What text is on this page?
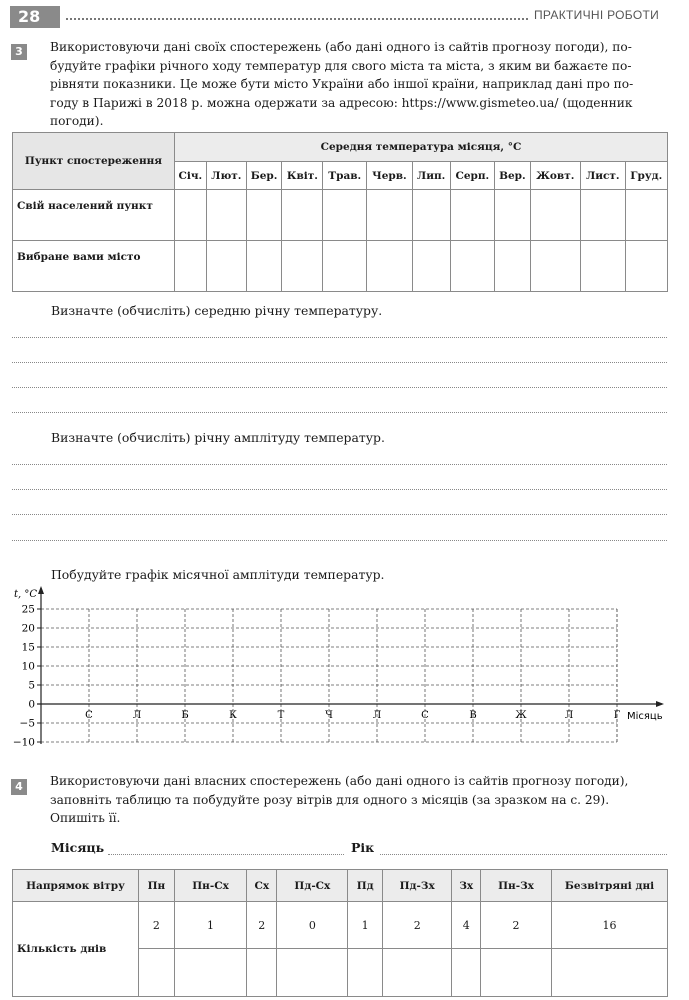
28	ПРАКТИЧНІ РОБОТИ
3	Використовуючи дані своїх спостережень (або дані одного із сайтів прогнозу погоди), по-
будуйте графіки річного ходу температур для свого міста та міста, з яким ви бажаєте по-
рівняти показники. Це може бути місто України або іншої країни, наприклад дані про по-
году в Парижі в 2018 р. можна одержати за адресою: https://www.gismeteo.ua/ (щоденник
погоди).
Пункт спостереження	Середня температура місяця, °С											
	Січ.	Лют.	Бер.	Квіт.	Трав.	Черв.	Лип.	Серп.	Вер.	Жовт.	Лист.	Груд.
Свій населений пункт												
Вибране вами місто												
Визначте (обчисліть) середню річну температуру.
Визначте (обчисліть) річну амплітуду температур.
Побудуйте графік місячної амплітуди температур.
t, °С
25
20
15
10
5
0
−5
−10
С	Л	Б	К	Т	Ч	Л	С	В	Ж	Л	Г Місяць
4	Використовуючи дані власних спостережень (або дані одного із сайтів прогнозу погоди),
заповніть таблицю та побудуйте розу вітрів для одного з місяців (за зразком на с. 29).
Опишіть її.
Місяць	Рік
Напрямок вітру	Пн	Пн-Сх	Сх	Пд-Сх	Пд	Пд-Зх	Зх	Пн-Зх	Безвітряні дні
Кількість днів	2	1	2	0	1	2	4	2	16
